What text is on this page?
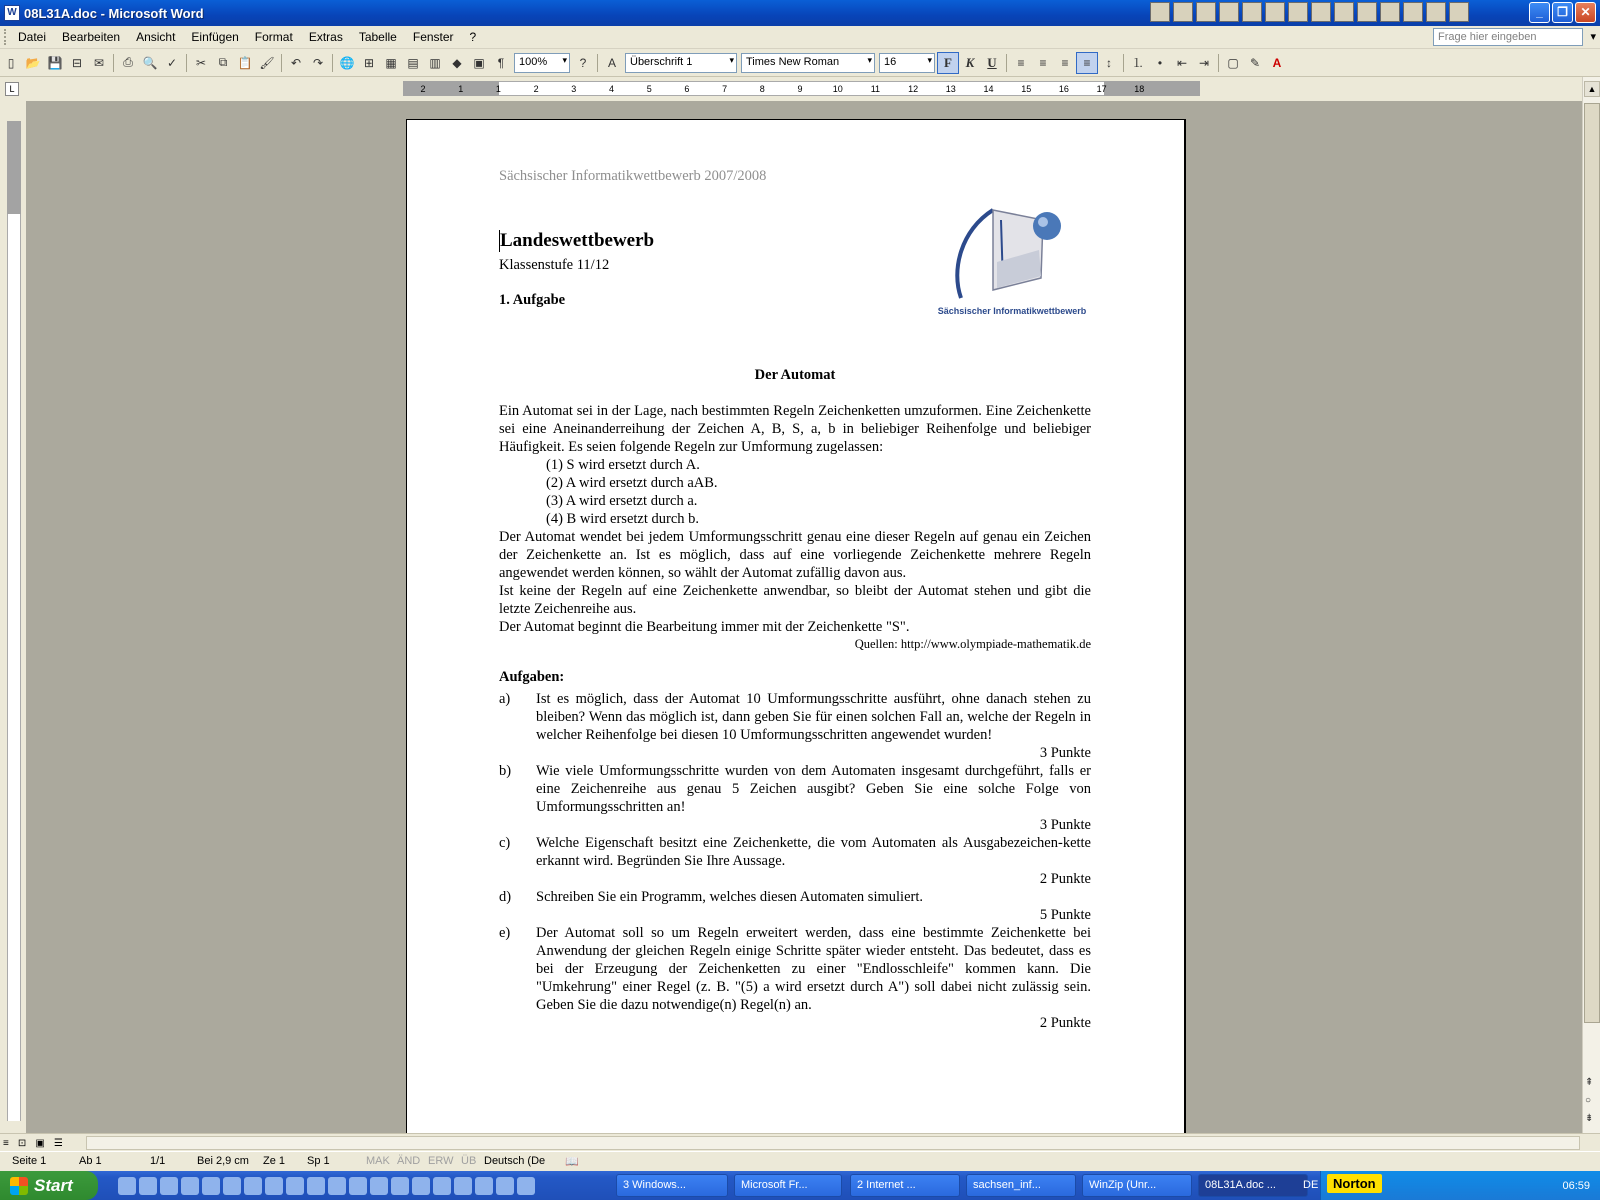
W 08L31A.doc - Microsoft Word	_	❐	✕
Datei	Bearbeiten	Ansicht	Einfügen	Format	Extras	Tabelle	Fenster	?	Frage hier eingeben ▾
▯ 📂 💾 ⊟ ✉	⎙ 🔍 ✓	✂	⧉ 📋 🖌	↶ ↷	🌐 ⊞ ▦ ▤ ▥ ◆ ▣	¶	100% ▾	?	A	Überschrift 1	▾	Times New Roman	▾	16	▾ F	K U	≡	≡	≡	≡	↕	⒈	•	⇤ ⇥	▢ ✎	A
L	2	1	1	2	3	4	5	6	7	8	9	10	11	12	13	14	15	16	17	18
Sächsischer Informatikwettbewerb 2007/2008
Sächsischer Informatikwettbewerb
Landeswettbewerb
Klassenstufe 11/12
1. Aufgabe
Der Automat

Ein Automat sei in der Lage, nach bestimmten Regeln Zeichenketten umzuformen. Eine Zeichenkette sei eine Aneinanderreihung der Zeichen A, B, S, a, b in beliebiger Reihenfolge und beliebiger Häufigkeit. Es seien folgende Regeln zur Umformung zugelassen:

(1) S wird ersetzt durch A.

(2) A wird ersetzt durch aAB.

(3) A wird ersetzt durch a.

(4) B wird ersetzt durch b.

Der Automat wendet bei jedem Umformungsschritt genau eine dieser Regeln auf genau ein Zeichen der Zeichenkette an. Ist es möglich, dass auf eine vorliegende Zeichenkette mehrere Regeln angewendet werden können, so wählt der Automat zufällig davon aus.

Ist keine der Regeln auf eine Zeichenkette anwendbar, so bleibt der Automat stehen und gibt die letzte Zeichenreihe aus.

Der Automat beginnt die Bearbeitung immer mit der Zeichenkette "S".

Quellen: http://www.olympiade-mathematik.de

Aufgaben:
a)	Ist es möglich, dass der Automat 10 Umformungsschritte ausführt, ohne danach stehen zu bleiben? Wenn das möglich ist, dann geben Sie für einen solchen Fall an, welche der Regeln in welcher Reihenfolge bei diesen 10 Umformungsschritten angewendet wurden!
3 Punkte
b)	Wie viele Umformungsschritte wurden von dem Automaten insgesamt durchgeführt, falls er eine Zeichenreihe aus genau 5 Zeichen ausgibt? Geben Sie eine solche Folge von Umformungsschritten an!
3 Punkte
c)	Welche Eigenschaft besitzt eine Zeichenkette, die vom Automaten als Ausgabezeichen-kette erkannt wird. Begründen Sie Ihre Aussage.
2 Punkte
d)	Schreiben Sie ein Programm, welches diesen Automaten simuliert.
5 Punkte
e)	Der Automat soll so um Regeln erweitert werden, dass eine bestimmte Zeichenkette bei Anwendung der gleichen Regeln einige Schritte später wieder entsteht. Das bedeutet, dass es bei der Erzeugung der Zeichenketten zu einer "Endlosschleife" kommen kann. Die "Umkehrung" einer Regel (z. B. "(5) a wird ersetzt durch A") soll dabei nicht zulässig sein. Geben Sie die dazu notwendige(n) Regel(n) an.
2 Punkte
▲
⇞
○
⇟
≡ ⊡ ▣ ☰
Seite 1	Ab 1	1/1	Bei 2,9 cm Ze 1 Sp 1	MAK ÄND ERW ÜB Deutsch (De 📖
Start	3 Windows...	Microsoft Fr...	2 Internet ...	sachsen_inf...	WinZip (Unr...	08L31A.doc ...	DE	Norton	06:59
